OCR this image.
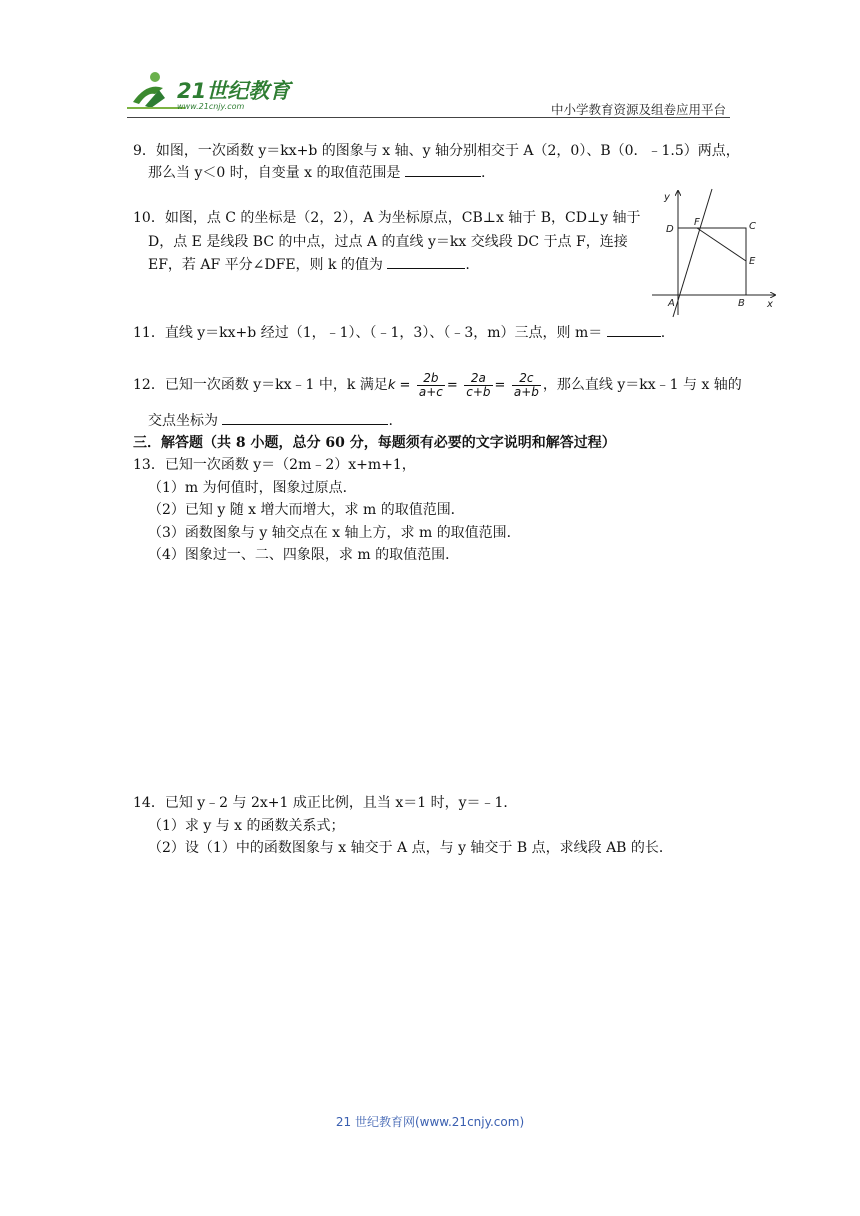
21世纪教育
www.21cnjy.com	中小学教育资源及组卷应用平台
9．如图，一次函数 y＝kx+b 的图象与 x 轴、y 轴分别相交于 A（2，0）、B（0．﹣1.5）两点，
那么当 y＜0 时，自变量 x 的取值范围是	.
10．如图，点 C 的坐标是（2，2），A 为坐标原点，CB⊥x 轴于 B，CD⊥y 轴于
D，点 E 是线段 BC 的中点，过点 A 的直线 y＝kx 交线段 DC 于点 F，连接
EF，若 AF 平分∠DFE，则 k 的值为	.
y
D
F	C
E
A	B x
11．直线 y＝kx+b 经过（1，﹣1）、（﹣1，3）、（﹣3，m）三点，则 m＝	.
12．已知一次函数 y＝kx﹣1 中，k 满足$k = \frac{2b}{a+c} = \frac{2a}{c+b} = \frac{2c}{a+b}$ ，那么直线 y＝kx﹣1 与 x 轴的
交点坐标为	.
三．解答题（共 8 小题，总分 60 分，每题须有必要的文字说明和解答过程）
13．已知一次函数 y＝（2m﹣2）x+m+1，
（1）m 为何值时，图象过原点．
（2）已知 y 随 x 增大而增大，求 m 的取值范围．
（3）函数图象与 y 轴交点在 x 轴上方，求 m 的取值范围．
（4）图象过一、二、四象限，求 m 的取值范围．
14．已知 y﹣2 与 2x+1 成正比例，且当 x＝1 时，y＝﹣1．
（1）求 y 与 x 的函数关系式；
（2）设（1）中的函数图象与 x 轴交于 A 点，与 y 轴交于 B 点，求线段 AB 的长．
21 世纪教育网(www.21cnjy.com)
